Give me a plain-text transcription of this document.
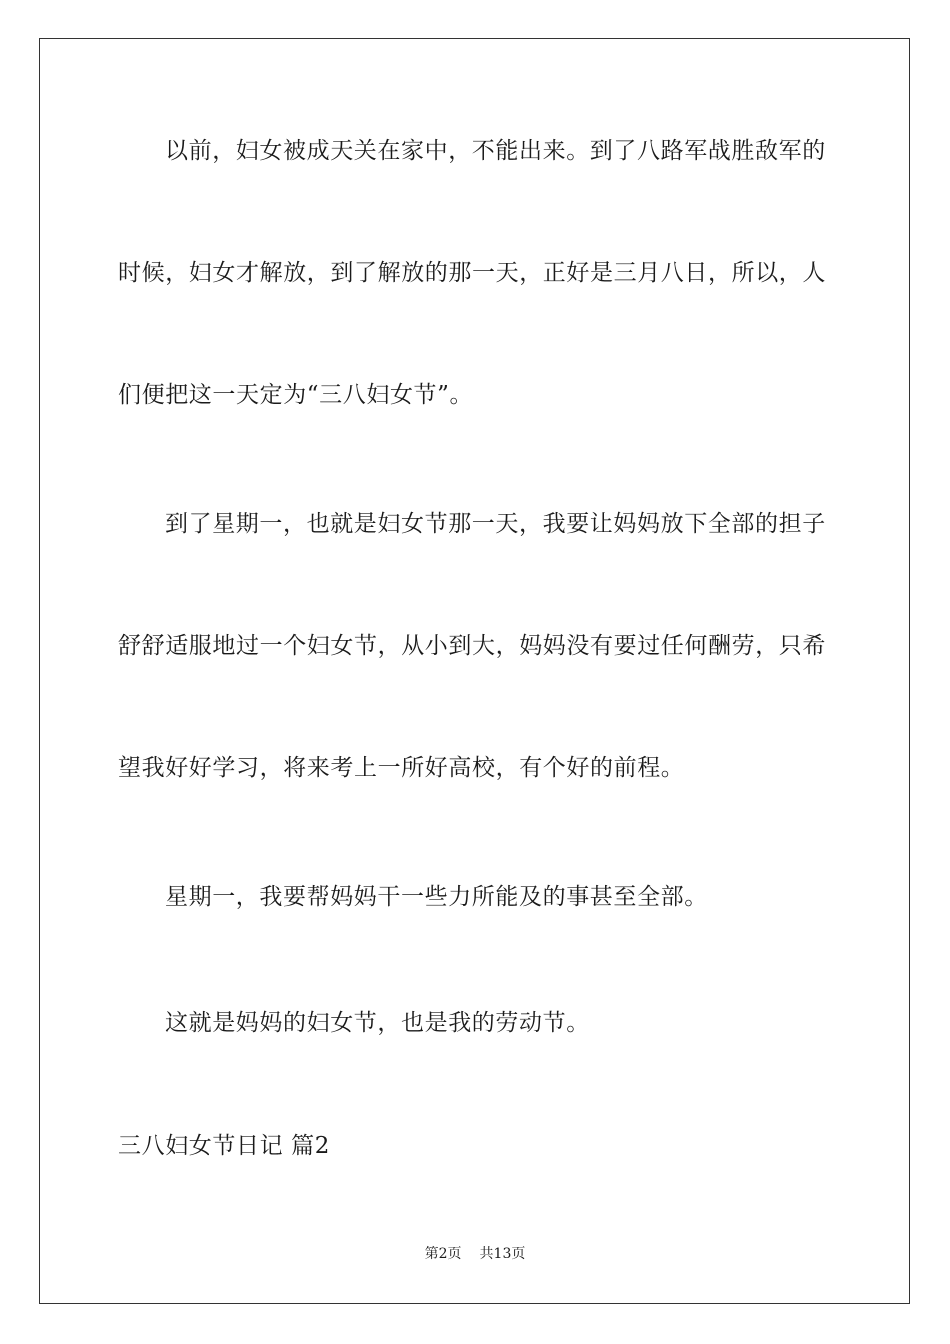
以前，妇女被成天关在家中，不能出来。到了八路军战胜敌军的
时候，妇女才解放，到了解放的那一天，正好是三月八日，所以，人
们便把这一天定为“三八妇女节”。
到了星期一，也就是妇女节那一天，我要让妈妈放下全部的担子
舒舒适服地过一个妇女节，从小到大，妈妈没有要过任何酬劳，只希
望我好好学习，将来考上一所好高校，有个好的前程。
星期一，我要帮妈妈干一些力所能及的事甚至全部。
这就是妈妈的妇女节，也是我的劳动节。
三八妇女节日记 篇2
第2页 共13页
